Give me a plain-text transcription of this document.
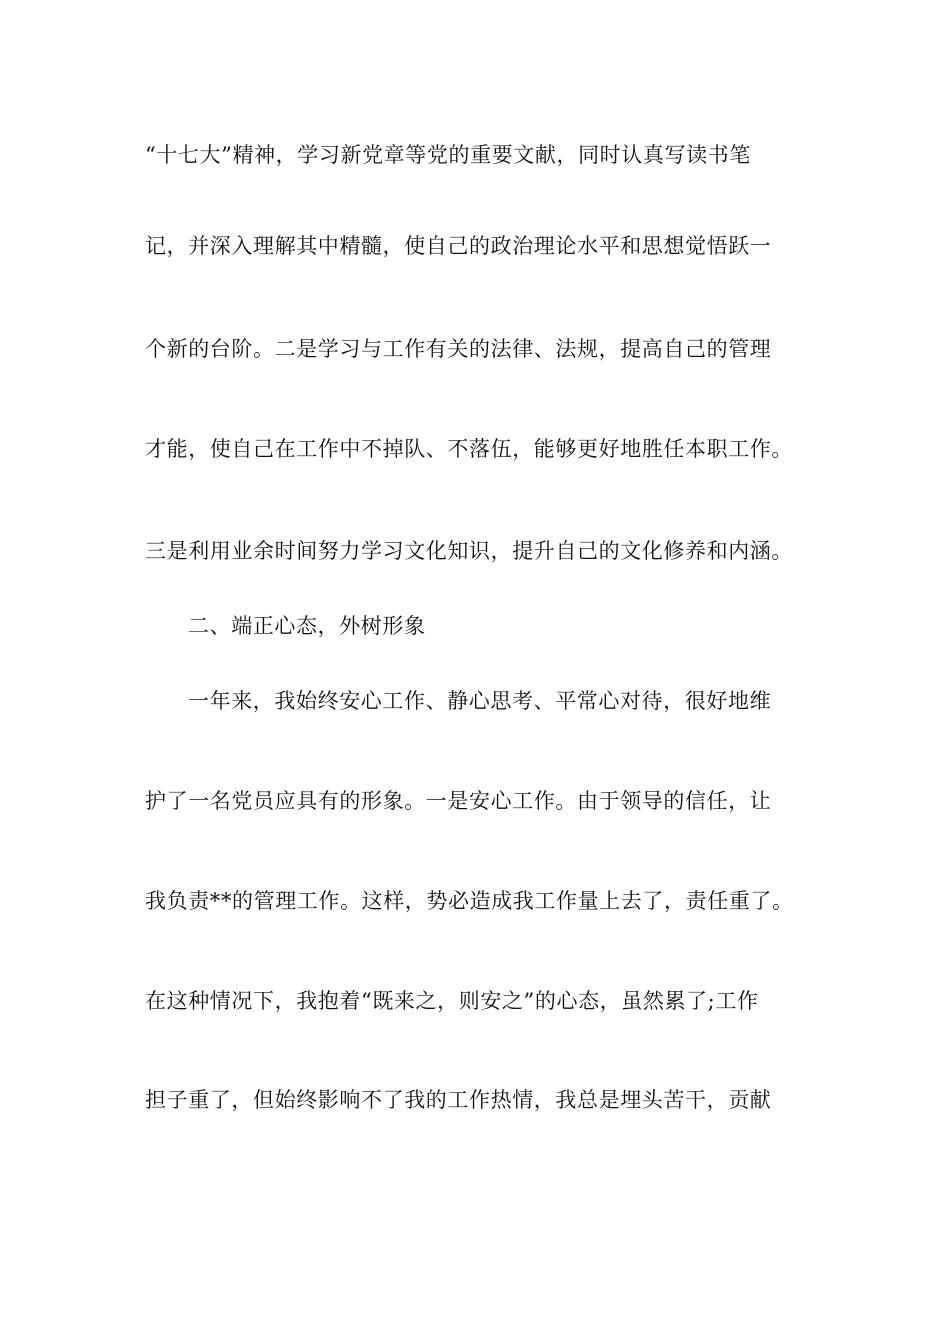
“十七大”精神，学习新党章等党的重要文献，同时认真写读书笔
记，并深入理解其中精髓，使自己的政治理论水平和思想觉悟跃一
个新的台阶。二是学习与工作有关的法律、法规，提高自己的管理
才能，使自己在工作中不掉队、不落伍，能够更好地胜任本职工作。
三是利用业余时间努力学习文化知识，提升自己的文化修养和内涵。
二、端正心态，外树形象
一年来，我始终安心工作、静心思考、平常心对待，很好地维
护了一名党员应具有的形象。一是安心工作。由于领导的信任，让
我负责**的管理工作。这样，势必造成我工作量上去了，责任重了。
在这种情况下，我抱着“既来之，则安之”的心态，虽然累了;工作
担子重了，但始终影响不了我的工作热情，我总是埋头苦干，贡献
